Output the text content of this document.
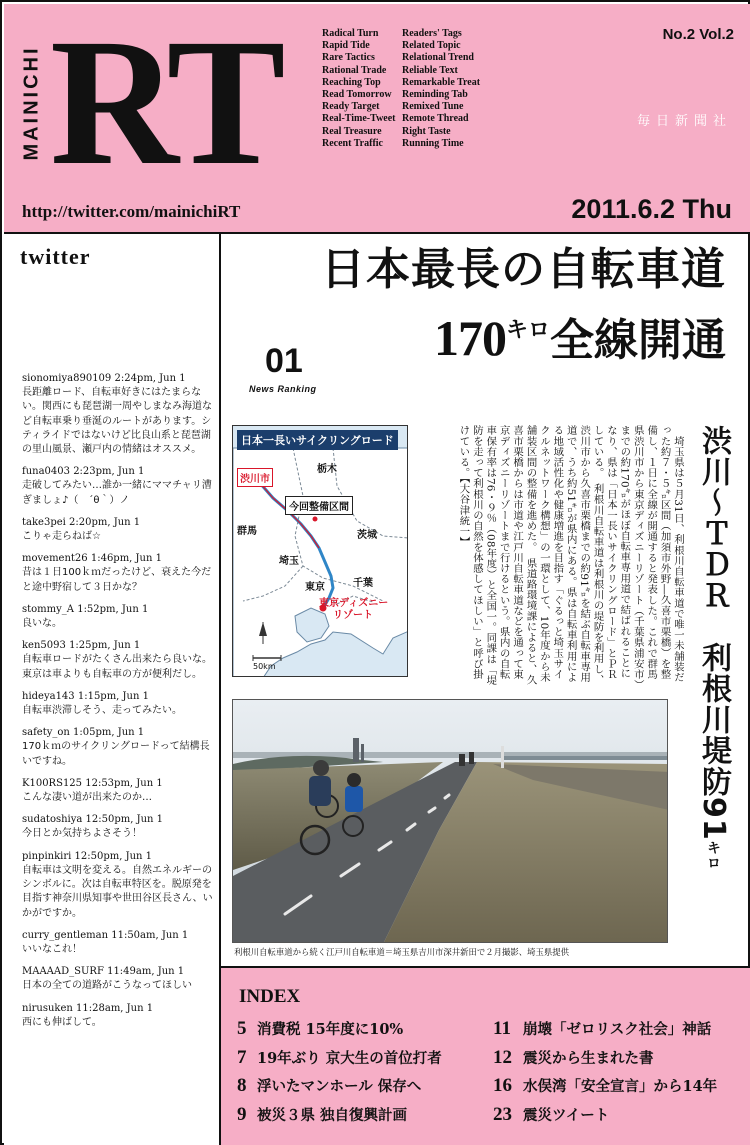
MAINICHI RT	Radical Turn
Rapid Tide
Rare Tactics
Rational Trade
Reaching Top
Read Tomorrow
Ready Target
Real-Time-Tweet
Real Treasure
Recent Traffic
Readers' Tags
Related Topic
Relational Trend
Reliable Text
Remarkable Treat
Reminding Tab
Remixed Tune
Remote Thread
Right Taste
Running Time
No.2 Vol.2
毎日新聞社
http://twitter.com/mainichiRT	2011.6.2 Thu
twitter
sionomiya890109 2:24pm, Jun 1
長距離ロード、自転車好きにはたまらない。関西にも琵琶湖一周やしまなみ海道など自転車乗り垂涎のルートがあります。シティライドではないけど比良山系と琵琶湖の里山風景、瀬戸内の情緒はオススメ。
funa0403 2:23pm, Jun 1
走破してみたい…誰か一緒にママチャリ漕ぎましょ♪（　´θ｀）ノ
take3pei 2:20pm, Jun 1
こりゃ走らねば☆
movement26 1:46pm, Jun 1
昔は１日100ｋｍだったけど、衰えた今だと途中野宿して３日かな？
stommy_A 1:52pm, Jun 1
良いな。
ken5093 1:25pm, Jun 1
自転車ロードがたくさん出来たら良いな。東京は車よりも自転車の方が便利だし。
hideya143 1:15pm, Jun 1
自転車渋滞しそう、走ってみたい。
safety_on 1:05pm, Jun 1
170ｋｍのサイクリングロードって結構長いですね。
K100RS125 12:53pm, Jun 1
こんな凄い道が出来たのか…
sudatoshiya 12:50pm, Jun 1
今日とか気持ちよさそう！
pinpinkiri 12:50pm, Jun 1
自転車は文明を変える。自然エネルギーのシンボルに。次は自転車特区を。脱原発を目指す神奈川県知事や世田谷区長さん、いかがですか。
curry_gentleman 11:50am, Jun 1
いいなこれ！
MAAAAD_SURF 11:49am, Jun 1
日本の全ての道路がこうなってほしい
nirusuken 11:28am, Jun 1
西にも伸ばして。
日本最長の自転車道
$170^{キロ}$全線開通
01
News Ranking
日本一長いサイクリングロード
渋川市
栃木
今回整備区間
群馬	茨城
埼玉
東京	千葉
東京ディズニー
リゾート
50km	　埼玉県は５月31日、利根川自転車道で唯一未舗装だった約７・５㌔区間（加須市外野―久喜市栗橋）を整備し、１日に全線が開通すると発表した。これで群馬県渋川市から東京ディズニーリゾート（千葉県浦安市）までの約170㌔がほぼ自転車専用道で結ばれることになり、県は「日本一長いサイクリングロード」とＰＲしている。　利根川自転車道は利根川の堤防を利用し、渋川市から久喜市栗橋までの約91㌔を結ぶ自転車専用道で、うち約51㌔が県内にある。県は自転車利用による地域活性化や健康増進を目指す「ぐるっと埼玉サイクルネットワーク構想」の一環として、10年度から未舗装区間の整備を進めた。　県道路環境課によると、久喜市栗橋からは市道や江戸川自転車道などを通って東京ディズニーリゾートまで行けるという。県内の自転車保有率は76・９％（08年度）と全国一。同課は「堤防を走って利根川の自然を体感してほしい」と呼び掛けている。【大谷津統一】	渋川〜ＴＤＲ　利根川堤防91キロ
利根川自転車道から続く江戸川自転車道＝埼玉県吉川市深井新田で２月撮影、埼玉県提供
INDEX
5 消費税 15年度に10%
7 19年ぶり 京大生の首位打者
8 浮いたマンホール 保存へ
9 被災３県 独自復興計画
11 崩壊「ゼロリスク社会」神話
12 震災から生まれた書
16 水俣湾「安全宣言」から14年
23 震災ツイート
